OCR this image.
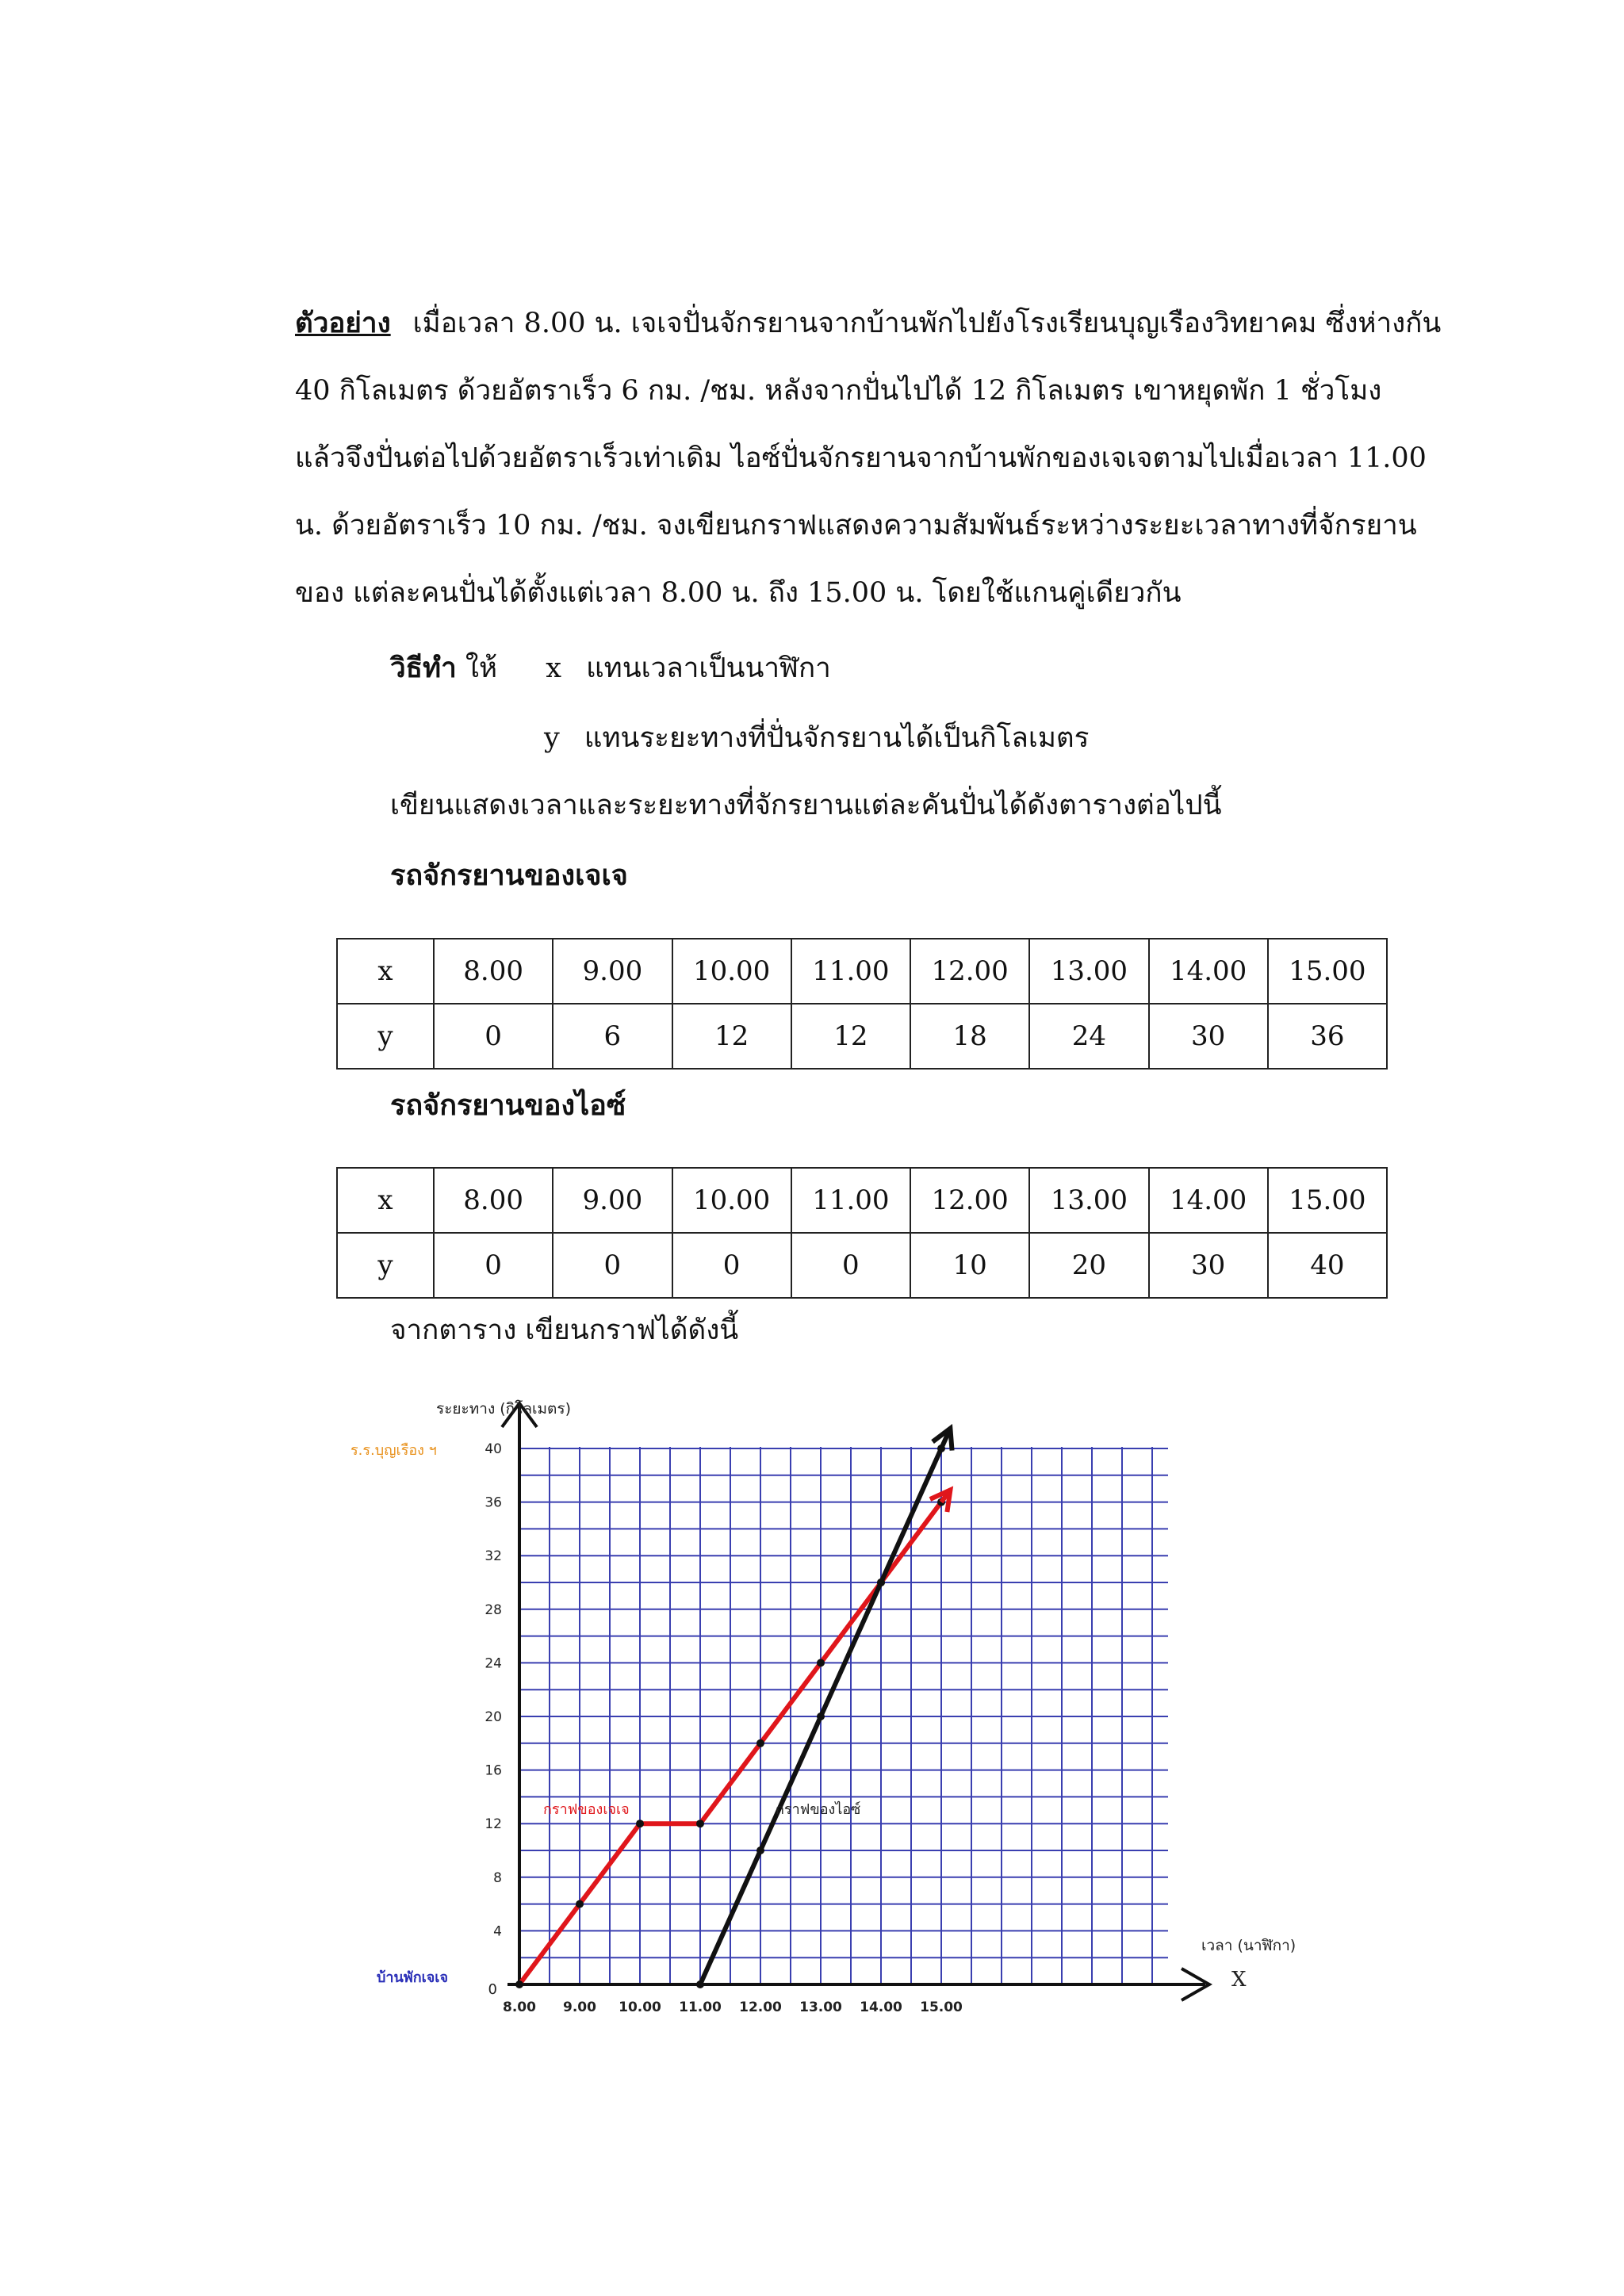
ตัวอย่าง เมื่อเวลา 8.00 น. เจเจปั่นจักรยานจากบ้านพักไปยังโรงเรียนบุญเรืองวิทยาคม ซึ่งห่างกัน
40 กิโลเมตร ด้วยอัตราเร็ว 6 กม. /ชม. หลังจากปั่นไปได้ 12 กิโลเมตร เขาหยุดพัก 1 ชั่วโมง
แล้วจึงปั่นต่อไปด้วยอัตราเร็วเท่าเดิม ไอซ์ปั่นจักรยานจากบ้านพักของเจเจตามไปเมื่อเวลา 11.00
น. ด้วยอัตราเร็ว 10 กม. /ชม. จงเขียนกราฟแสดงความสัมพันธ์ระหว่างระยะเวลาทางที่จักรยาน
ของ แต่ละคนปั่นได้ตั้งแต่เวลา 8.00 น. ถึง 15.00 น. โดยใช้แกนคู่เดียวกัน
วิธีทำ ให้ x แทนเวลาเป็นนาฬิกา
y แทนระยะทางที่ปั่นจักรยานได้เป็นกิโลเมตร
เขียนแสดงเวลาและระยะทางที่จักรยานแต่ละคันปั่นได้ดังตารางต่อไปนี้
รถจักรยานของเจเจ
x	8.00	9.00	10.00	11.00	12.00	13.00	14.00	15.00
y	0	6	12	12	18	24	30	36
รถจักรยานของไอซ์
x	8.00	9.00	10.00	11.00	12.00	13.00	14.00	15.00
y	0	0	0	0	10	20	30	40
จากตาราง เขียนกราฟได้ดังนี้
ระยะทาง (กิโลเมตร)
เวลา (นาฬิกา)
X
4
8
12
16
20
24
28
32
36
40
0
8.00 9.00 10.00 11.00 12.00 13.00 14.00 15.00
ร.ร.บุญเรือง ฯ
บ้านพักเจเจ
กราฟของเจเจ	กราฟของไอซ์
